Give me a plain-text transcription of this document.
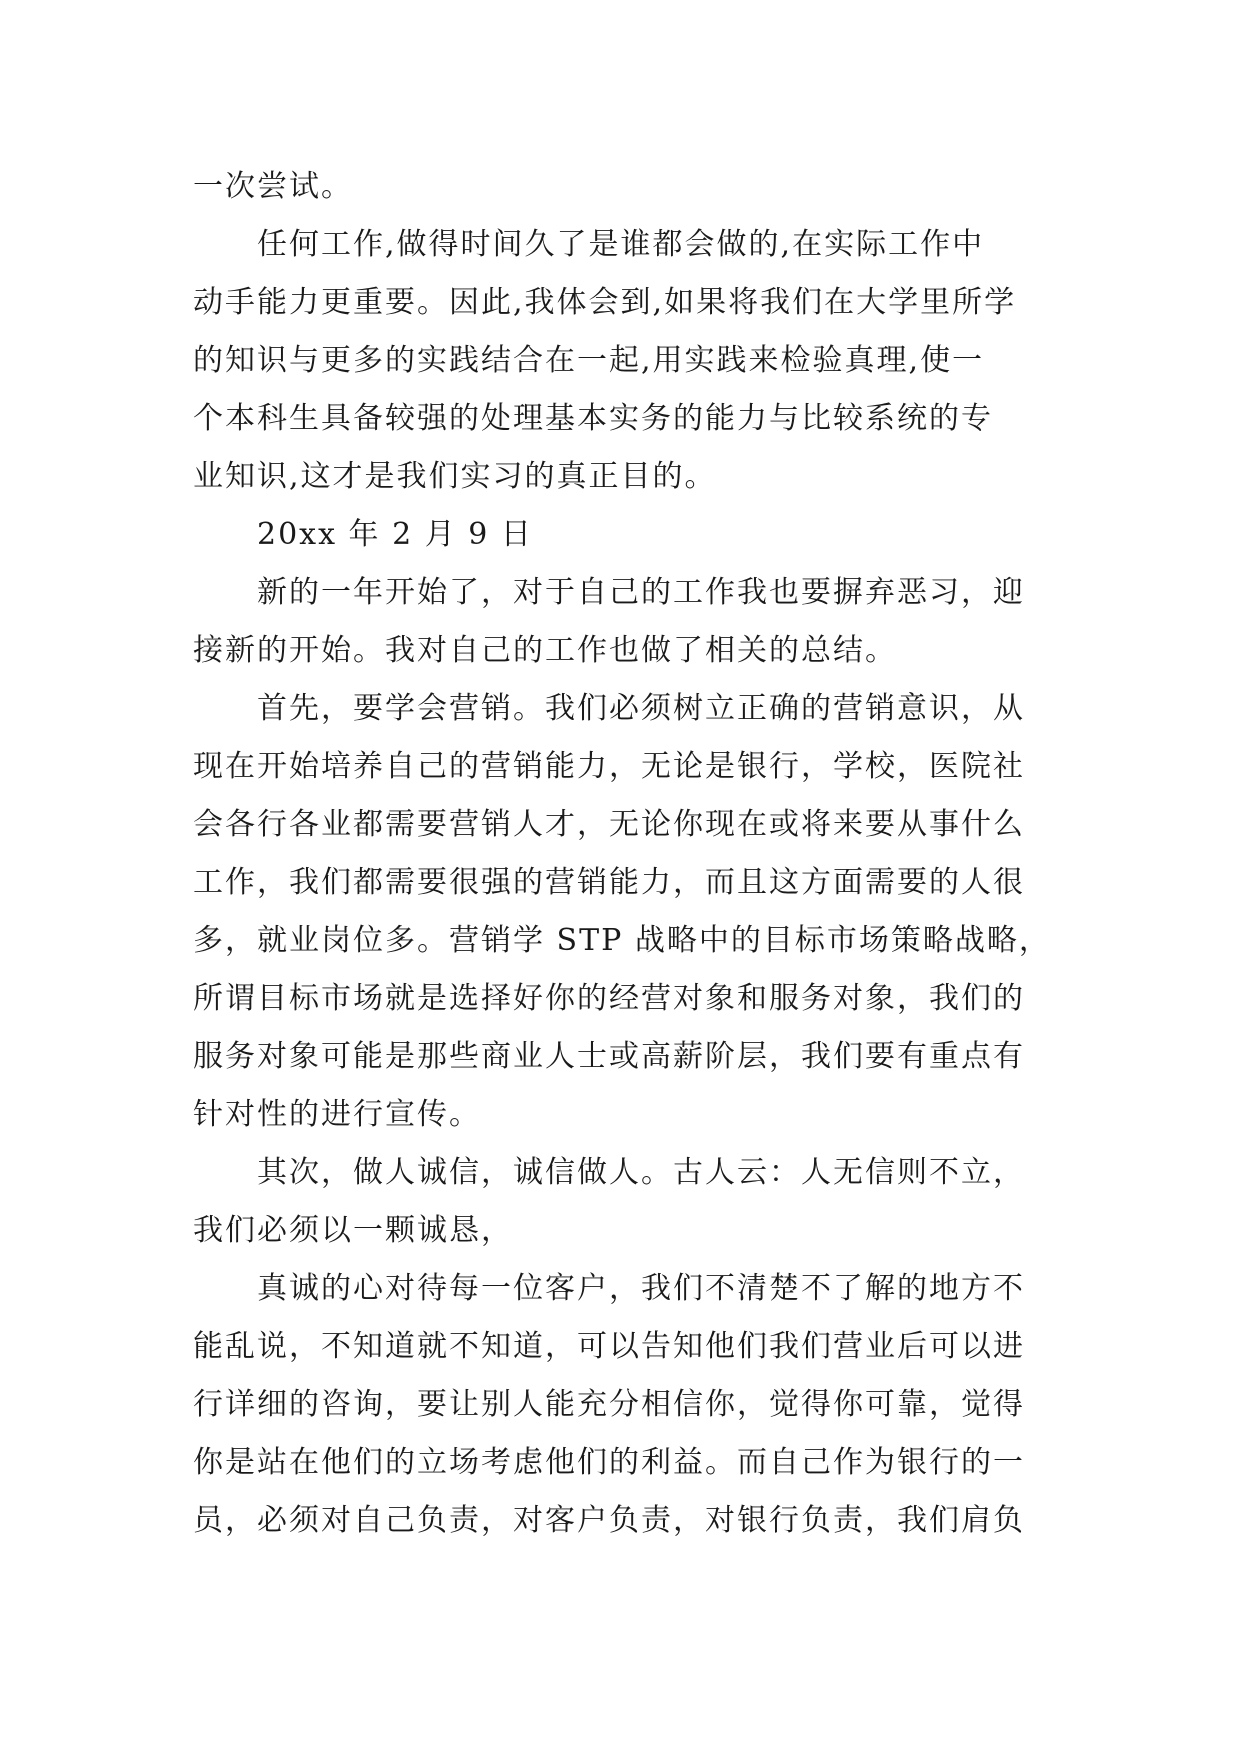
一次尝试。
任何工作,做得时间久了是谁都会做的,在实际工作中
动手能力更重要。因此,我体会到,如果将我们在大学里所学
的知识与更多的实践结合在一起,用实践来检验真理,使一
个本科生具备较强的处理基本实务的能力与比较系统的专
业知识,这才是我们实习的真正目的。
20xx 年 2 月 9 日
新的一年开始了，对于自己的工作我也要摒弃恶习，迎
接新的开始。我对自己的工作也做了相关的总结。
首先，要学会营销。我们必须树立正确的营销意识，从
现在开始培养自己的营销能力，无论是银行，学校，医院社
会各行各业都需要营销人才，无论你现在或将来要从事什么
工作，我们都需要很强的营销能力，而且这方面需要的人很
多，就业岗位多。营销学 STP 战略中的目标市场策略战略，
所谓目标市场就是选择好你的经营对象和服务对象，我们的
服务对象可能是那些商业人士或高薪阶层，我们要有重点有
针对性的进行宣传。
其次，做人诚信，诚信做人。古人云：人无信则不立，
我们必须以一颗诚恳，
真诚的心对待每一位客户，我们不清楚不了解的地方不
能乱说，不知道就不知道，可以告知他们我们营业后可以进
行详细的咨询，要让别人能充分相信你，觉得你可靠，觉得
你是站在他们的立场考虑他们的利益。而自己作为银行的一
员，必须对自己负责，对客户负责，对银行负责，我们肩负
